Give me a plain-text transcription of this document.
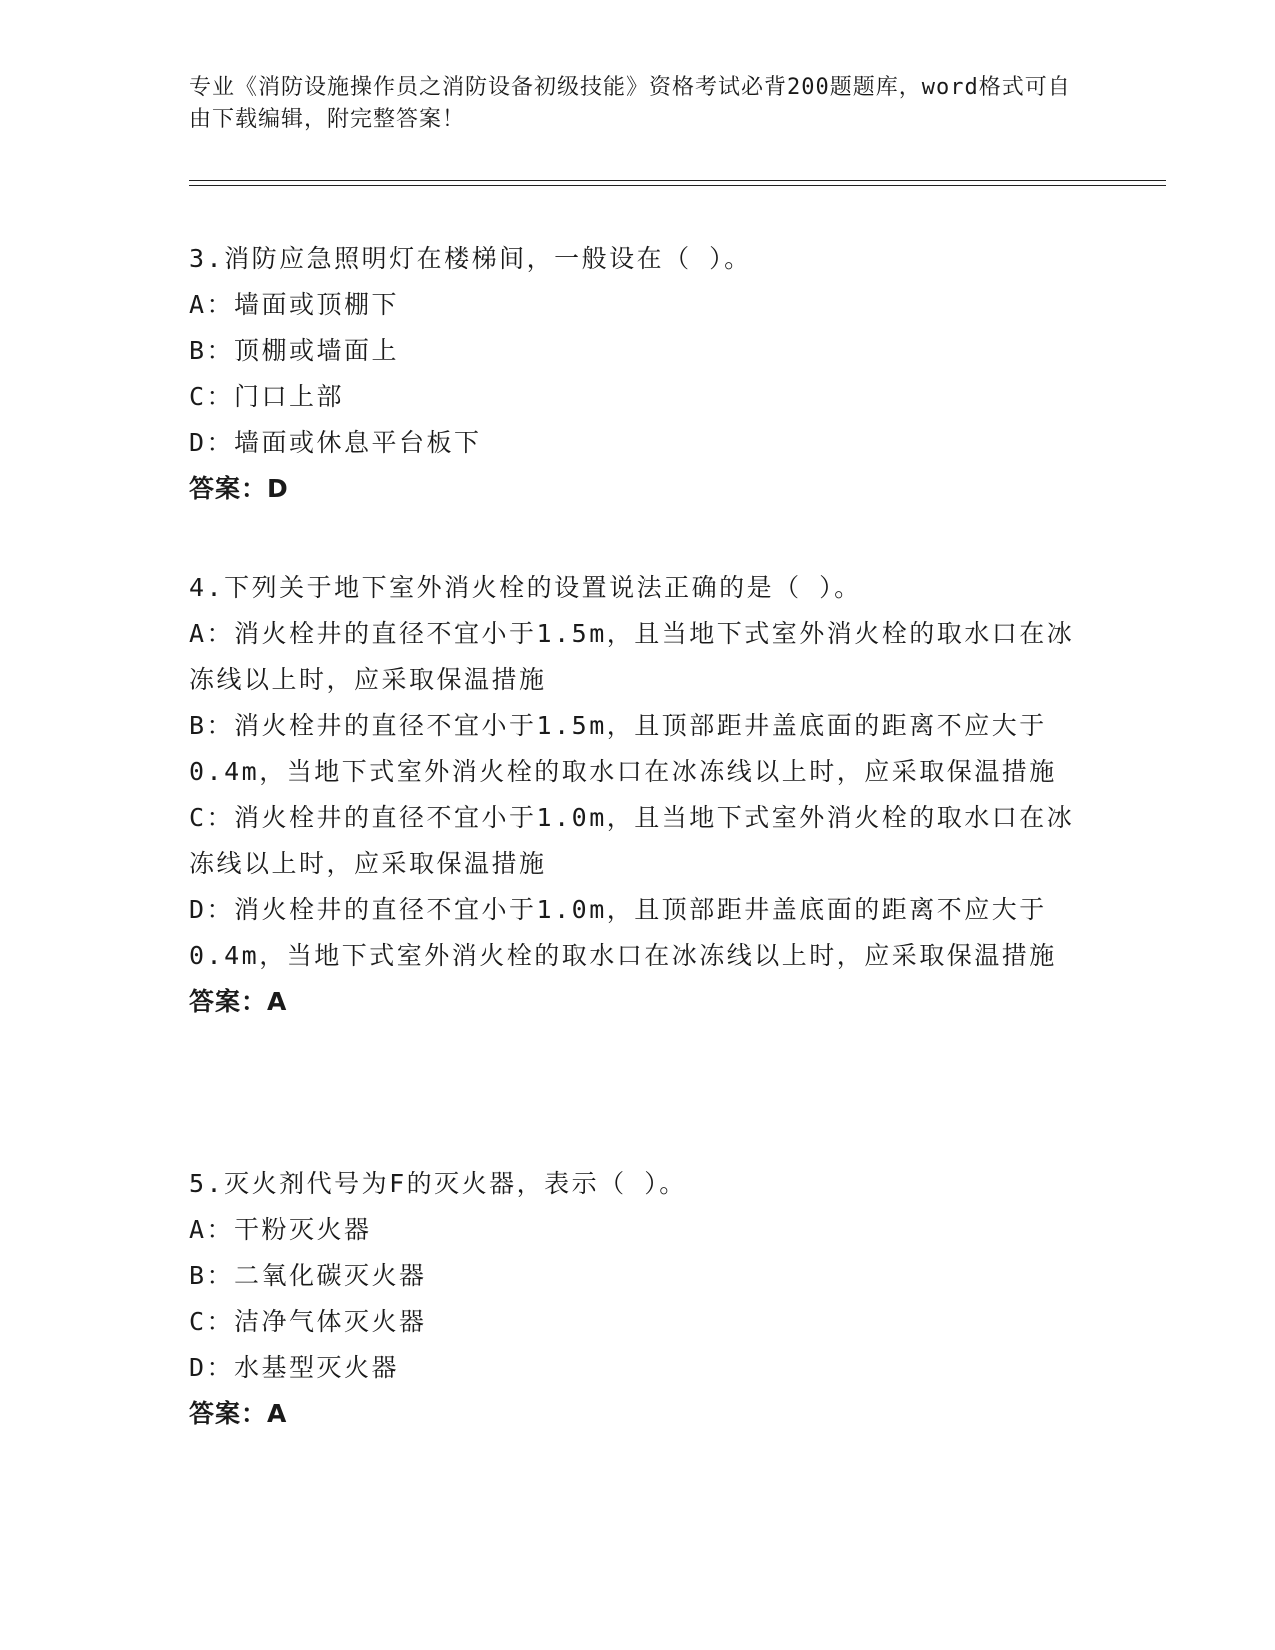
专业《消防设施操作员之消防设备初级技能》资格考试必背200题题库，word格式可自由下载编辑，附完整答案！
3.消防应急照明灯在楼梯间，一般设在（ ）。
A：墙面或顶棚下
B：顶棚或墙面上
C：门口上部
D：墙面或休息平台板下
答案：D
4.下列关于地下室外消火栓的设置说法正确的是（ ）。
A：消火栓井的直径不宜小于1.5m，且当地下式室外消火栓的取水口在冰冻线以上时，应采取保温措施
B：消火栓井的直径不宜小于1.5m，且顶部距井盖底面的距离不应大于0.4m，当地下式室外消火栓的取水口在冰冻线以上时，应采取保温措施
C：消火栓井的直径不宜小于1.0m，且当地下式室外消火栓的取水口在冰冻线以上时，应采取保温措施
D：消火栓井的直径不宜小于1.0m，且顶部距井盖底面的距离不应大于0.4m，当地下式室外消火栓的取水口在冰冻线以上时，应采取保温措施
答案：A
5.灭火剂代号为F的灭火器，表示（ ）。
A：干粉灭火器
B：二氧化碳灭火器
C：洁净气体灭火器
D：水基型灭火器
答案：A
